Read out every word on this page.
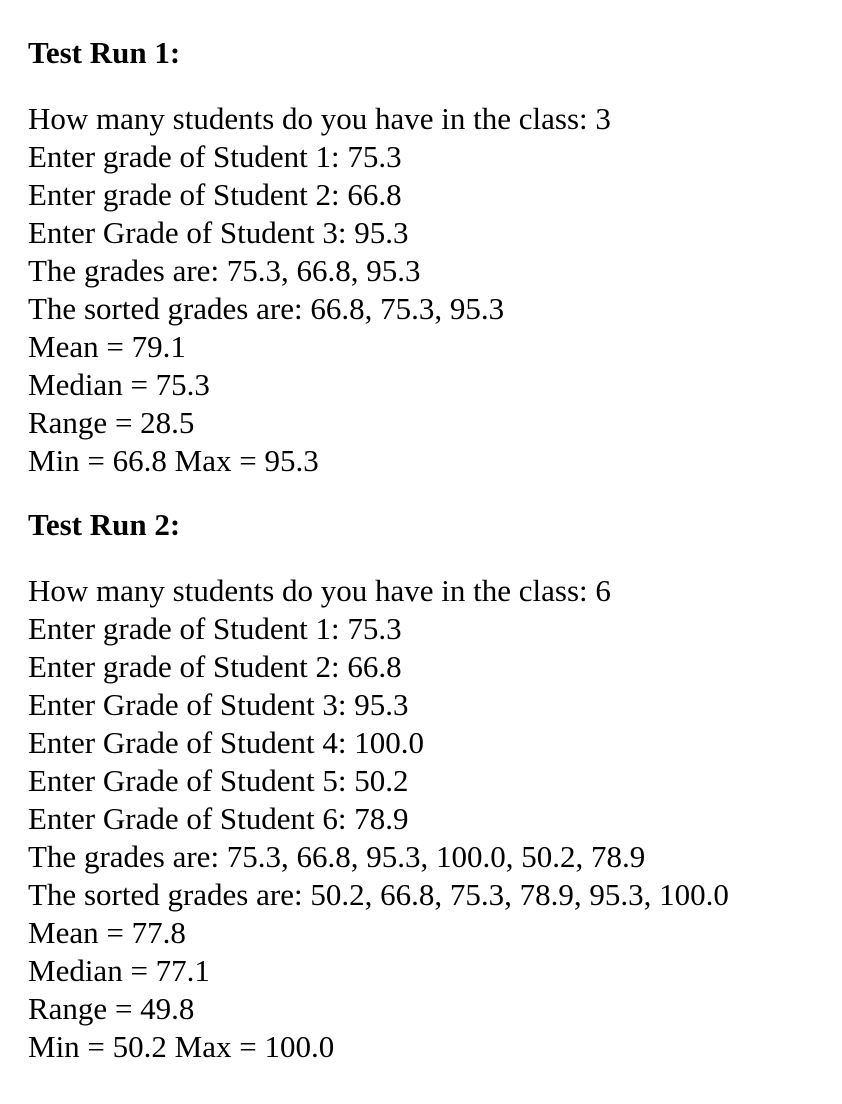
Test Run 1:
How many students do you have in the class: 3
Enter grade of Student 1: 75.3
Enter grade of Student 2: 66.8
Enter Grade of Student 3: 95.3
The grades are: 75.3, 66.8, 95.3
The sorted grades are: 66.8, 75.3, 95.3
Mean = 79.1
Median = 75.3
Range = 28.5
Min = 66.8 Max = 95.3
Test Run 2:
How many students do you have in the class: 6
Enter grade of Student 1: 75.3
Enter grade of Student 2: 66.8
Enter Grade of Student 3: 95.3
Enter Grade of Student 4: 100.0
Enter Grade of Student 5: 50.2
Enter Grade of Student 6: 78.9
The grades are: 75.3, 66.8, 95.3, 100.0, 50.2, 78.9
The sorted grades are: 50.2, 66.8, 75.3, 78.9, 95.3, 100.0
Mean = 77.8
Median = 77.1
Range = 49.8
Min = 50.2 Max = 100.0
